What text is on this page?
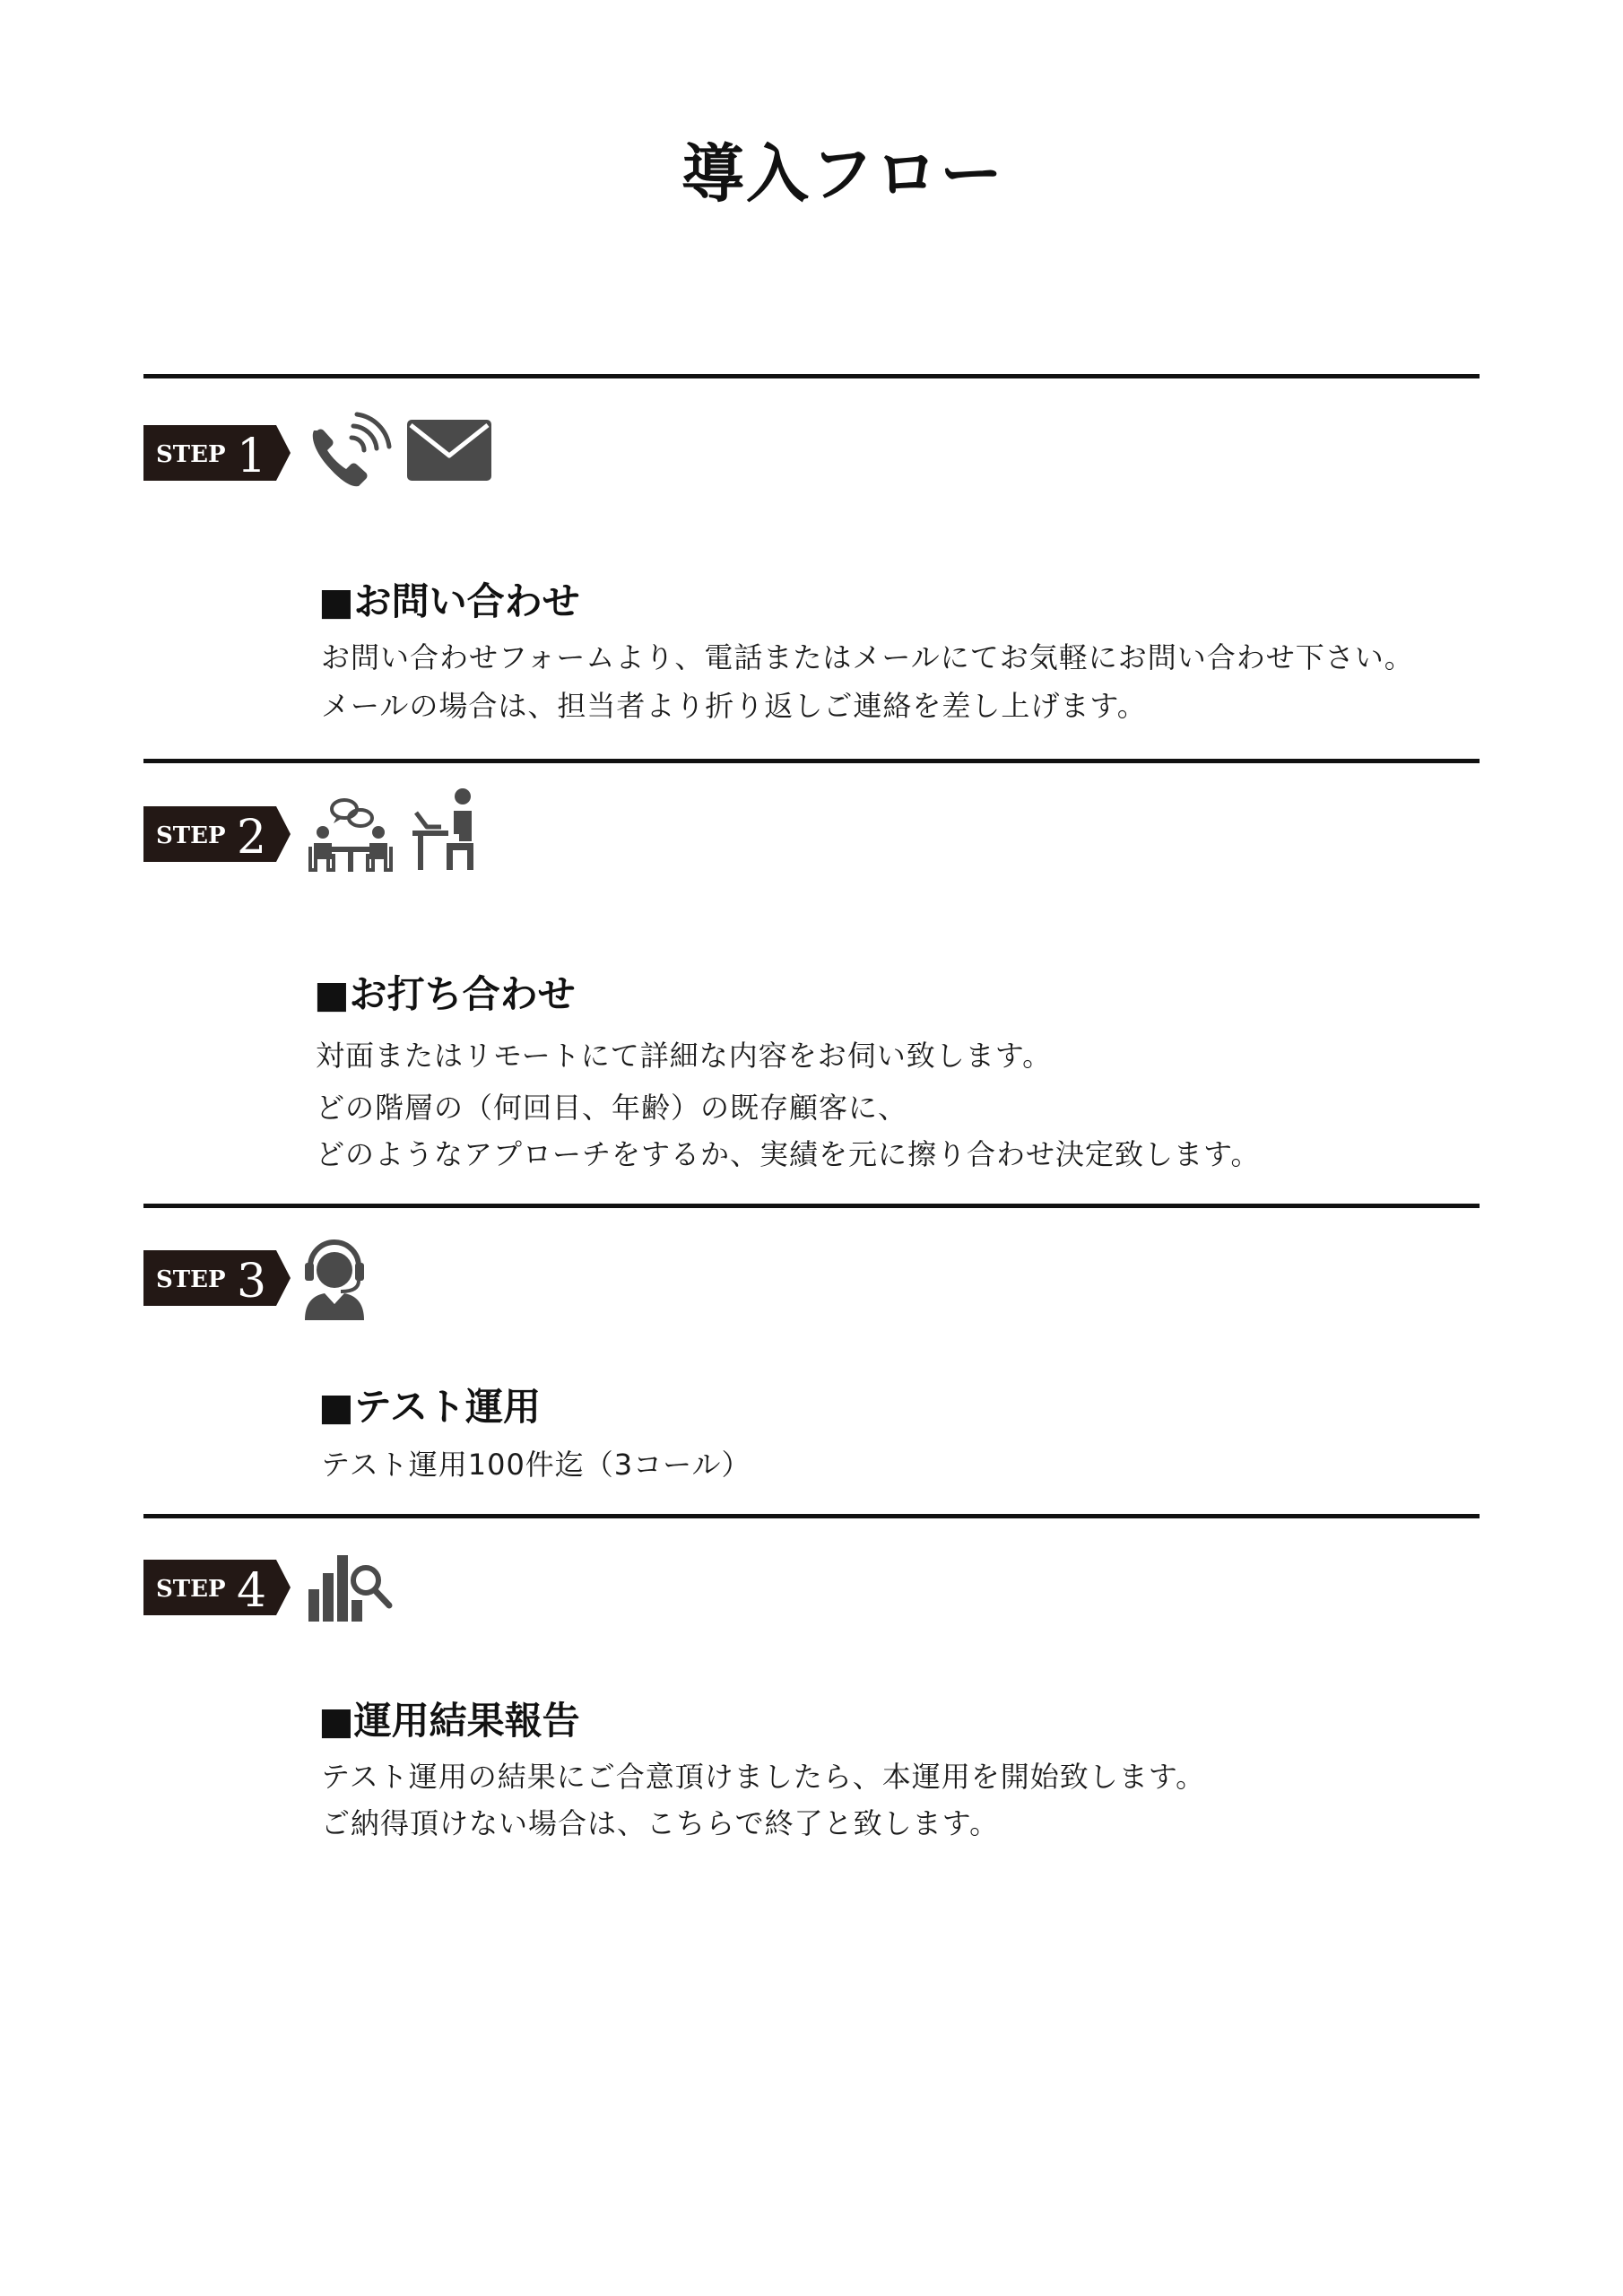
導入フロー
STEP 1
■お問い合わせ

お問い合わせフォームより、電話またはメールにてお気軽にお問い合わせ下さい。

メールの場合は、担当者より折り返しご連絡を差し上げます。

STEP 2
■お打ち合わせ

対面またはリモートにて詳細な内容をお伺い致します。

どの階層の（何回目、年齢）の既存顧客に、

どのようなアプローチをするか、実績を元に擦り合わせ決定致します。

STEP 3
■テスト運用

テスト運用100件迄（3コール）

STEP 4
■運用結果報告

テスト運用の結果にご合意頂けましたら、本運用を開始致します。

ご納得頂けない場合は、こちらで終了と致します。
